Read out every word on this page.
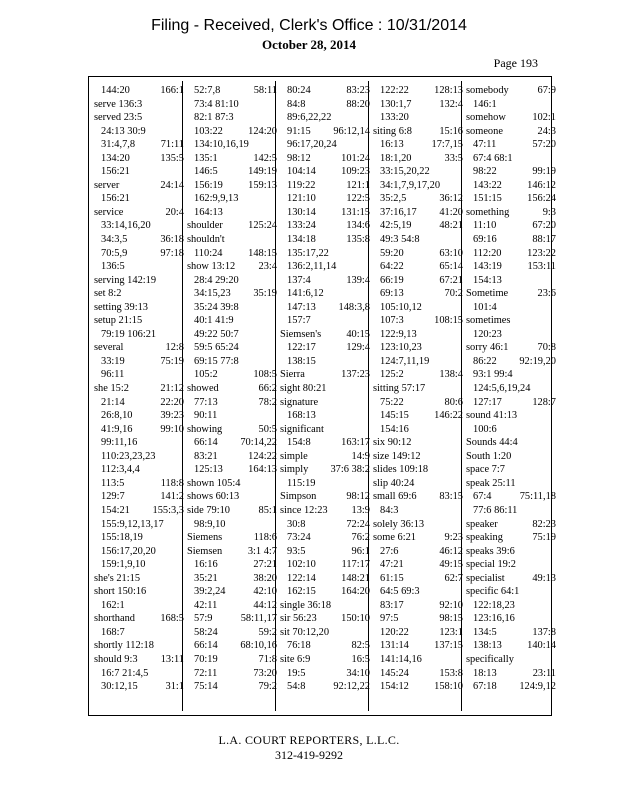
Filing - Received, Clerk's Office : 10/31/2014
October 28, 2014
Page 193
144:20	166:1
serve 136:3
served 23:5
24:13 30:9
31:4,7,8 71:11
134:20	135:5
156:21
server	24:14
156:21
service	20:4
33:14,16,20
34:3,5	36:18
70:5,9	97:18
136:5
serving 142:19
set 8:2
setting 39:13
setup 21:15
79:19 106:21
several	12:8
33:19	75:19
96:11
she 15:2	21:12
21:14	22:20
26:8,10	39:23
41:9,16	99:10
99:11,16
110:23,23,23
112:3,4,4
113:5	118:8
129:7	141:2
154:21 155:3,3
155:9,12,13,17
155:18,19
156:17,20,20
159:1,9,10
she's 21:15
short 150:16
162:1
shorthand 168:5
168:7
shortly 112:18
should 9:3 13:11
16:7 21:4,5
30:12,15	31:1
52:7,8	58:11
73:4 81:10
82:1 87:3
103:22 124:20
134:10,16,19
135:1	142:5
146:5	149:19
156:19 159:13
162:9,9,13
164:13
shoulder 125:24
shouldn't
110:24 148:15
show 13:12 23:4
28:4 29:20
34:15,23 35:19
35:24 39:8
40:1 41:9
49:22 50:7
59:5 65:24
69:15 77:8
105:2	108:5
showed	66:2
77:13	78:2
90:11
showing	50:5
66:14 70:14,22
83:21	124:22
125:13 164:13
shown 105:4
shows 60:13
side 79:10	85:1
98:9,10
Siemens	118:6
Siemsen 3:1 4:7
16:16	27:21
35:21	38:20
39:2,24	42:10
42:11	44:12
57:9	58:11,17
58:24	59:2
66:14 68:10,16
70:19	71:8
72:11	73:20
75:14	79:2
80:24	83:23
84:8	88:20
89:6,22,22
91:15 96:12,14
96:17,20,24
98:12	101:24
104:14 109:23
119:22	121:1
121:10	122:5
130:14 131:15
133:24	134:6
134:18	135:8
135:17,22
136:2,11,14
137:4	139:4
141:6,12
147:13 148:3,8
157:7
Siemsen's 40:15
122:17	129:4
138:15
Sierra	137:23
sight 80:21
signature
168:13
significant
154:8	163:17
simple	14:9
simply 37:6 38:2
115:19
Simpson	98:12
since 12:23 13:9
30:8	72:24
73:24	76:2
93:5	96:1
102:10 117:17
122:14 148:21
162:15 164:20
single 36:18
sir 56:23 150:10
sit 70:12,20
76:18	82:5
site 6:9	16:5
19:5	34:10
54:8	92:12,22
122:22 128:13
130:1,7	132:4
133:20
siting 6:8	15:16
16:13	17:7,15
18:1,20	33:5
33:15,20,22
34:1,7,9,17,20
35:2,5	36:12
37:16,17 41:20
42:5,19	48:21
49:3 54:8
59:20	63:10
64:22	65:14
66:19	67:21
69:13	70:2
105:10,12
107:3	108:15
122:9,13
123:10,23
124:7,11,19
125:2	138:4
sitting 57:17
75:22	80:6
145:15 146:22
154:16
six 90:12
size 149:12
slides 109:18
slip 40:24
small 69:6 83:15
84:3
solely 36:13
some 6:21	9:23
27:6	46:12
47:21	49:15
61:15	62:7
64:5 69:3
83:17	92:10
97:5	98:15
120:22	123:1
131:14 137:15
141:14,16
145:24	153:8
154:12 158:10
somebody	67:9
146:1
somehow	102:1
someone	24:3
47:11	57:20
67:4 68:1
98:22	99:19
143:22 146:12
151:15 156:24
something	9:3
11:10	67:20
69:16	88:17
112:20 123:22
143:19 153:11
154:13
Sometime	23:6
101:4
sometimes
120:23
sorry 46:1	70:8
86:22 92:19,20
93:1 99:4
124:5,6,19,24
127:17	128:7
sound 41:13
100:6
Sounds 44:4
South 1:20
space 7:7
speak 25:11
67:4	75:11,18
77:6 86:11
speaker	82:23
speaking	75:19
speaks 39:6
special 19:2
specialist	49:13
specific 64:1
122:18,23
123:16,16
134:5	137:8
138:13 140:14
specifically
18:13	23:11
67:18 124:9,12
L.A. COURT REPORTERS, L.L.C.
312-419-9292
